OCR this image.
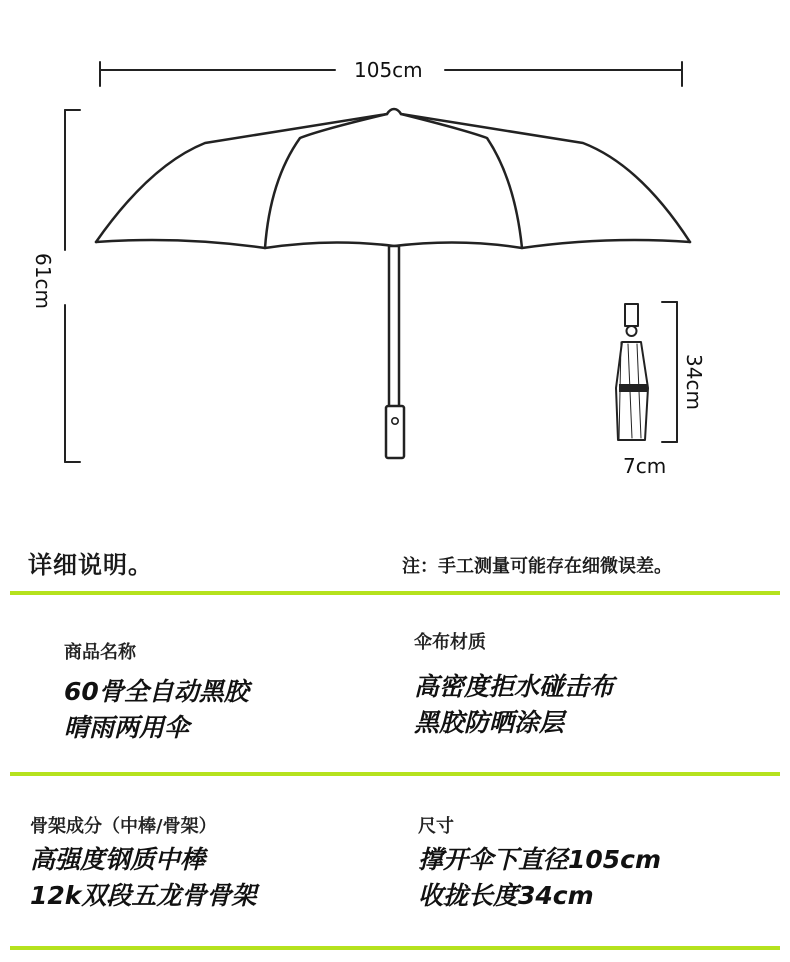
105cm
61cm
34cm
7cm
详细说明。	注：手工测量可能存在细微误差。
商品名称
60骨全自动黑胶
晴雨两用伞
伞布材质
高密度拒水碰击布
黑胶防晒涂层
骨架成分（中棒/骨架）
高强度钢质中棒
12k双段五龙骨骨架
尺寸
撑开伞下直径105cm
收拢长度34cm
